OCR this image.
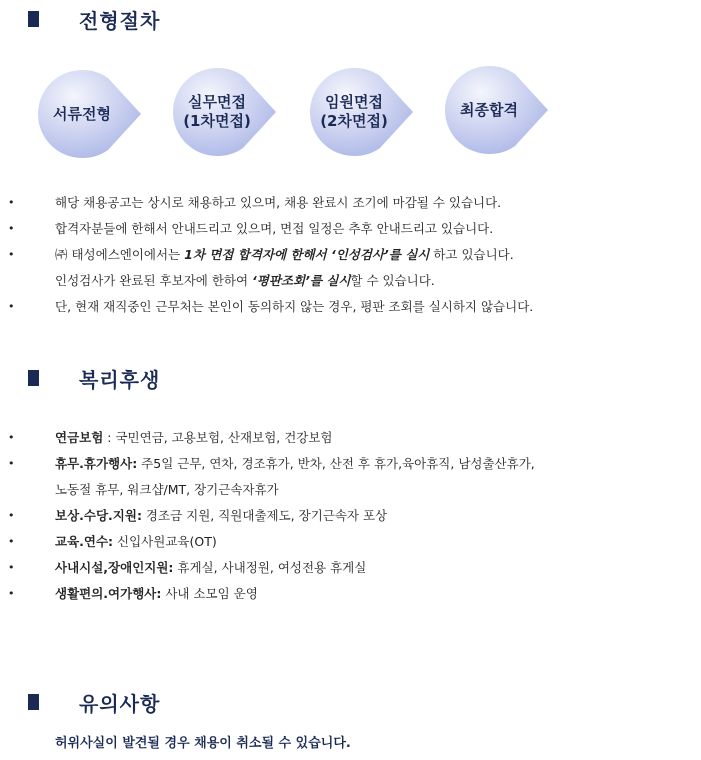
전형절차
서류전형
실무면접
(1차면접)
임원면접
(2차면접)
최종합격
•	해당 채용공고는 상시로 채용하고 있으며, 채용 완료시 조기에 마감될 수 있습니다.
•	합격자분들에 한해서 안내드리고 있으며, 면접 일정은 추후 안내드리고 있습니다.
•	㈜ 태성에스엔이에서는 1차 면접 합격자에 한해서 ‘인성검사’를 실시 하고 있습니다.
인성검사가 완료된 후보자에 한하여 ‘평판조회’를 실시할 수 있습니다.
•	단, 현재 재직중인 근무처는 본인이 동의하지 않는 경우, 평판 조회를 실시하지 않습니다.
복리후생
•	연금보험 : 국민연금, 고용보험, 산재보험, 건강보험
•	휴무.휴가행사: 주5일 근무, 연차, 경조휴가, 반차, 산전 후 휴가,육아휴직, 남성출산휴가,
노동절 휴무, 워크샵/MT, 장기근속자휴가
•	보상.수당.지원: 경조금 지원, 직원대출제도, 장기근속자 포상
•	교육.연수: 신입사원교육(OT)
•	사내시설,장애인지원: 휴게실, 사내정원, 여성전용 휴게실
•	생활편의.여가행사: 사내 소모임 운영
유의사항
허위사실이 발견될 경우 채용이 취소될 수 있습니다.
